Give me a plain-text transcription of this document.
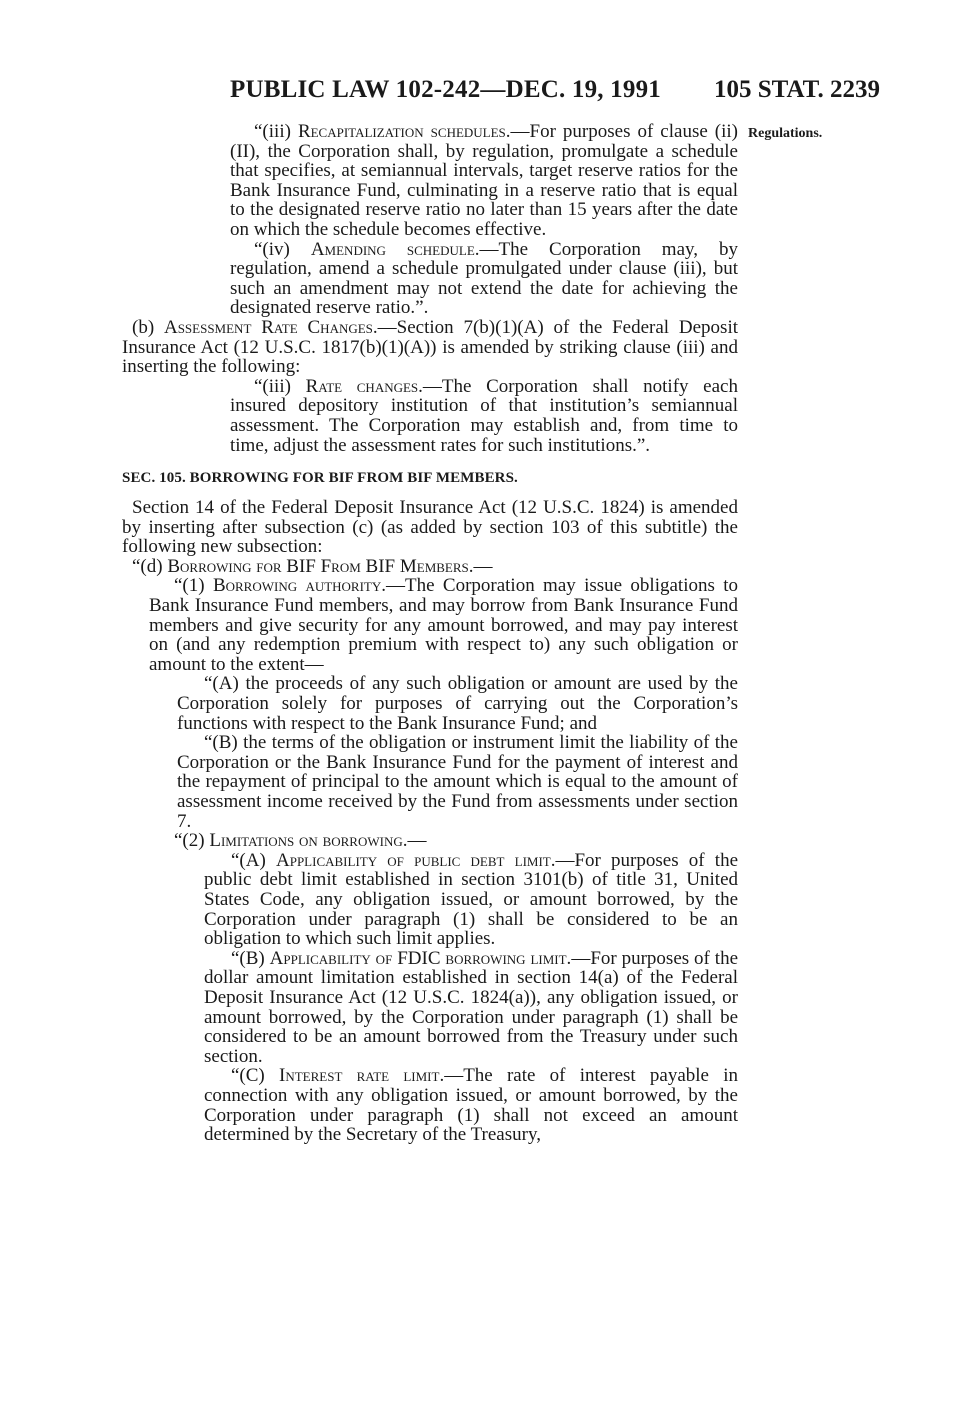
PUBLIC LAW 102-242—DEC. 19, 1991 105 STAT. 2239
Regulations.

“(iii) Recapitalization schedules.—For purposes of clause (ii)(II), the Corporation shall, by regulation, promulgate a schedule that specifies, at semiannual intervals, target reserve ratios for the Bank Insurance Fund, culminating in a reserve ratio that is equal to the designated reserve ratio no later than 15 years after the date on which the schedule becomes effective.

“(iv) Amending schedule.—The Corporation may, by regulation, amend a schedule promulgated under clause (iii), but such an amendment may not extend the date for achieving the designated reserve ratio.”.

(b) Assessment Rate Changes.—Section 7(b)(1)(A) of the Federal Deposit Insurance Act (12 U.S.C. 1817(b)(1)(A)) is amended by striking clause (iii) and inserting the following:

“(iii) Rate changes.—The Corporation shall notify each insured depository institution of that institution’s semiannual assessment. The Corporation may establish and, from time to time, adjust the assessment rates for such institutions.”.

SEC. 105. BORROWING FOR BIF FROM BIF MEMBERS.

Section 14 of the Federal Deposit Insurance Act (12 U.S.C. 1824) is amended by inserting after subsection (c) (as added by section 103 of this subtitle) the following new subsection:

“(d) Borrowing for BIF From BIF Members.—

“(1) Borrowing authority.—The Corporation may issue obligations to Bank Insurance Fund members, and may borrow from Bank Insurance Fund members and give security for any amount borrowed, and may pay interest on (and any redemption premium with respect to) any such obligation or amount to the extent—

“(A) the proceeds of any such obligation or amount are used by the Corporation solely for purposes of carrying out the Corporation’s functions with respect to the Bank Insurance Fund; and

“(B) the terms of the obligation or instrument limit the liability of the Corporation or the Bank Insurance Fund for the payment of interest and the repayment of principal to the amount which is equal to the amount of assessment income received by the Fund from assessments under section 7.

“(2) Limitations on borrowing.—

“(A) Applicability of public debt limit.—For purposes of the public debt limit established in section 3101(b) of title 31, United States Code, any obligation issued, or amount borrowed, by the Corporation under paragraph (1) shall be considered to be an obligation to which such limit applies.

“(B) Applicability of FDIC borrowing limit.—For purposes of the dollar amount limitation established in section 14(a) of the Federal Deposit Insurance Act (12 U.S.C. 1824(a)), any obligation issued, or amount borrowed, by the Corporation under paragraph (1) shall be considered to be an amount borrowed from the Treasury under such section.

“(C) Interest rate limit.—The rate of interest payable in connection with any obligation issued, or amount borrowed, by the Corporation under paragraph (1) shall not exceed an amount determined by the Secretary of the Treasury,
